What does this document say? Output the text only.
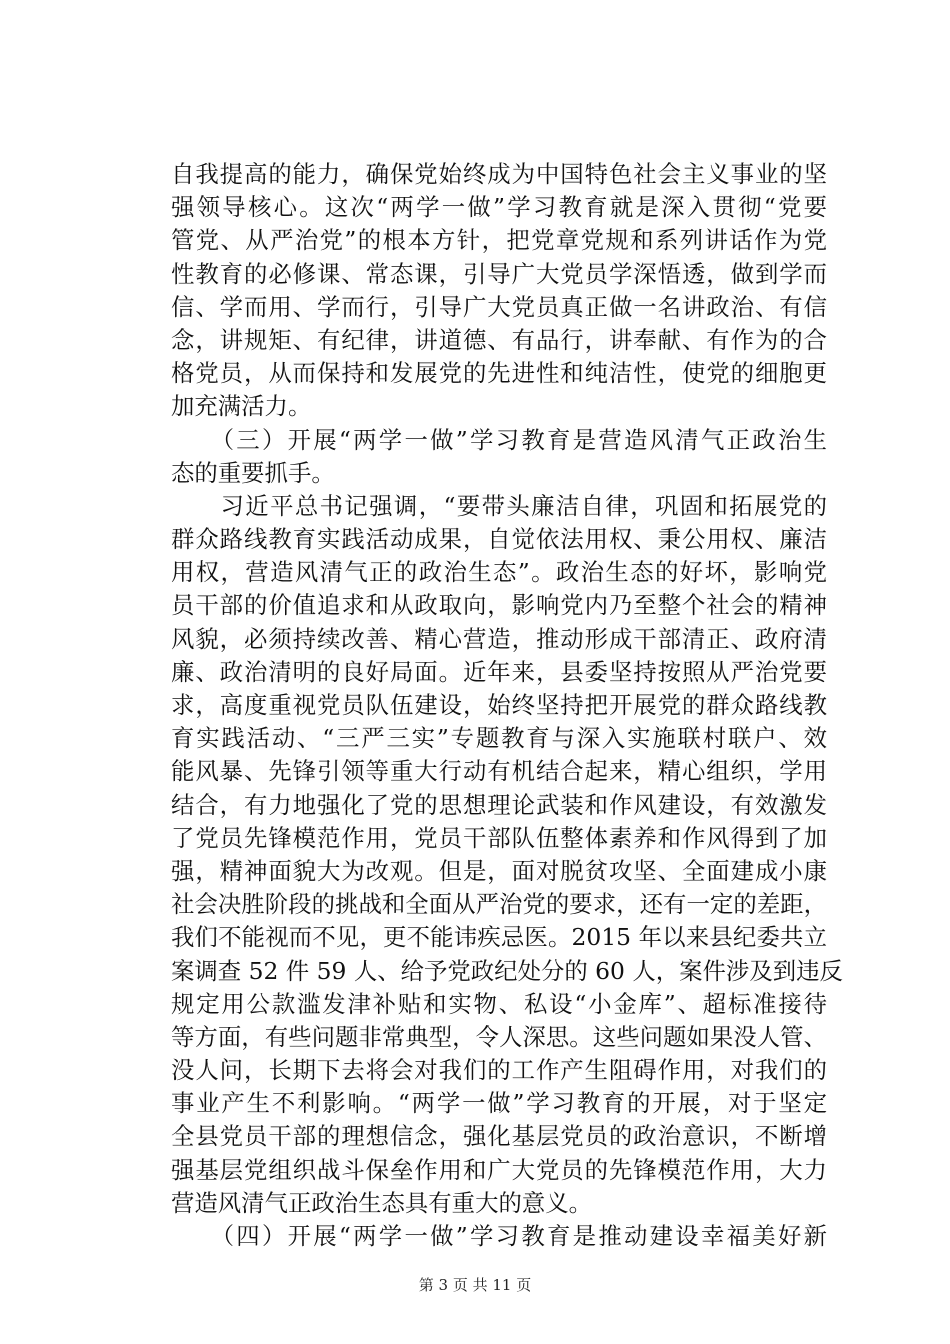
自我提高的能力，确保党始终成为中国特色社会主义事业的坚
强领导核心。这次“两学一做”学习教育就是深入贯彻“党要
管党、从严治党”的根本方针，把党章党规和系列讲话作为党
性教育的必修课、常态课，引导广大党员学深悟透，做到学而
信、学而用、学而行，引导广大党员真正做一名讲政治、有信
念，讲规矩、有纪律，讲道德、有品行，讲奉献、有作为的合
格党员，从而保持和发展党的先进性和纯洁性，使党的细胞更
加充满活力。
　　（三）开展“两学一做”学习教育是营造风清气正政治生
态的重要抓手。
　　习近平总书记强调，“要带头廉洁自律，巩固和拓展党的
群众路线教育实践活动成果，自觉依法用权、秉公用权、廉洁
用权，营造风清气正的政治生态”。政治生态的好坏，影响党
员干部的价值追求和从政取向，影响党内乃至整个社会的精神
风貌，必须持续改善、精心营造，推动形成干部清正、政府清
廉、政治清明的良好局面。近年来，县委坚持按照从严治党要
求，高度重视党员队伍建设，始终坚持把开展党的群众路线教
育实践活动、“三严三实”专题教育与深入实施联村联户、效
能风暴、先锋引领等重大行动有机结合起来，精心组织，学用
结合，有力地强化了党的思想理论武装和作风建设，有效激发
了党员先锋模范作用，党员干部队伍整体素养和作风得到了加
强，精神面貌大为改观。但是，面对脱贫攻坚、全面建成小康
社会决胜阶段的挑战和全面从严治党的要求，还有一定的差距，
我们不能视而不见，更不能讳疾忌医。2015 年以来县纪委共立
案调查 52 件 59 人、给予党政纪处分的 60 人，案件涉及到违反
规定用公款滥发津补贴和实物、私设“小金库”、超标准接待
等方面，有些问题非常典型，令人深思。这些问题如果没人管、
没人问，长期下去将会对我们的工作产生阻碍作用，对我们的
事业产生不利影响。“两学一做”学习教育的开展，对于坚定
全县党员干部的理想信念，强化基层党员的政治意识，不断增
强基层党组织战斗保垒作用和广大党员的先锋模范作用，大力
营造风清气正政治生态具有重大的意义。
　　（四）开展“两学一做”学习教育是推动建设幸福美好新
第 3 页 共 11 页
